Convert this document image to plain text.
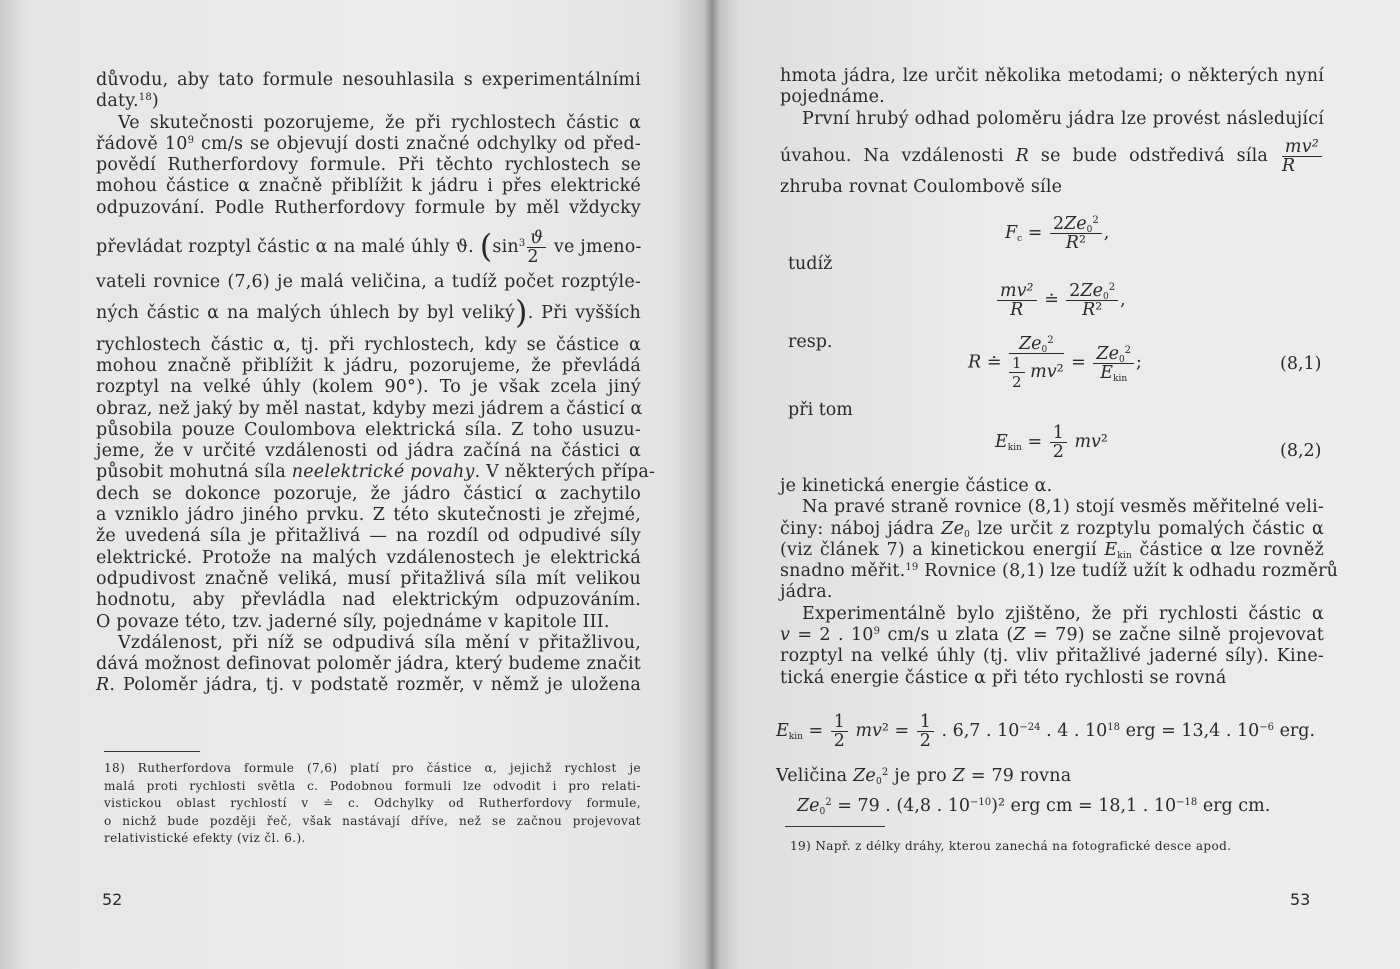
důvodu, aby tato formule nesouhlasila s experimentálními
daty.$^{18}$)
Ve skutečnosti pozorujeme, že při rychlostech částic α
řádově $10^9$ cm/s se objevují dosti značné odchylky od před-
povědí Rutherfordovy formule. Při těchto rychlostech se
mohou částice α značně přiblížit k jádru i přes elektrické
odpuzování. Podle Rutherfordovy formule by měl vždycky
převládat rozptyl částic α na malé úhly ϑ. ($\sin^3 \frac{ϑ}{2}$ ve jmeno-
vateli rovnice (7,6) je malá veličina, a tudíž počet rozptýle-
ných částic α na malých úhlech by byl veliký). Při vyšších
rychlostech částic α, tj. při rychlostech, kdy se částice α
mohou značně přiblížit k jádru, pozorujeme, že převládá
rozptyl na velké úhly (kolem 90°). To je však zcela jiný
obraz, než jaký by měl nastat, kdyby mezi jádrem a částicí α
působila pouze Coulombova elektrická síla. Z toho usuzu-
jeme, že v určité vzdálenosti od jádra začíná na částici α
působit mohutná síla neelektrické povahy. V některých přípa-
dech se dokonce pozoruje, že jádro částicí α zachytilo
a vzniklo jádro jiného prvku. Z této skutečnosti je zřejmé,
že uvedená síla je přitažlivá — na rozdíl od odpudivé síly
elektrické. Protože na malých vzdálenostech je elektrická
odpudivost značně veliká, musí přitažlivá síla mít velikou
hodnotu, aby převládla nad elektrickým odpuzováním.
O povaze této, tzv. jaderné síly, pojednáme v kapitole III.
Vzdálenost, při níž se odpudivá síla mění v přitažlivou,
dává možnost definovat poloměr jádra, který budeme značit
R. Poloměr jádra, tj. v podstatě rozměr, v němž je uložena

18) Rutherfordova formule (7,6) platí pro částice α, jejichž rychlost je
malá proti rychlosti světla c. Podobnou formuli lze odvodit i pro relati-
vistickou oblast rychlostí v ≐ c. Odchylky od Rutherfordovy formule,
o nichž bude později řeč, však nastávají dříve, než se začnou projevovat
relativistické efekty (viz čl. 6.).
52
hmota jádra, lze určit několika metodami; o některých nyní
pojednáme.
První hrubý odhad poloměru jádra lze provést následující
úvahou. Na vzdálenosti R se bude odstředivá síla $\frac{\text{mv²}}{R}$
zhruba rovnat Coulombově síle
$F_c = \frac{2Ze_0^2}{\text{R²}}$ ,
tudíž
$\frac{\text{mv²}}{R}$ ≐ $\frac{2Ze_0^2}{\text{R²}}$ ,
resp.
R ≐ $\frac{Ze_0^2}{\frac{1}{2} mv^2} = \frac{Ze_0^2}{E_{kin}}$ ;	(8,1)
při tom
$E_{kin} = \frac{1}{2} mv^2$	(8,2)
je kinetická energie částice α.
Na pravé straně rovnice (8,1) stojí vesměs měřitelné veli-
činy: náboj jádra $Ze_0$ lze určit z rozptylu pomalých částic α
(viz článek 7) a kinetickou energií $E_{kin}$ částice α lze rovněž
snadno měřit.$^{19}$ Rovnice (8,1) lze tudíž užít k odhadu rozměrů
jádra.
Experimentálně bylo zjištěno, že při rychlosti částic α
v = 2 . $10^9$ cm/s u zlata (Z = 79) se začne silně projevovat
rozptyl na velké úhly (tj. vliv přitažlivé jaderné síly). Kine-
tická energie částice α při této rychlosti se rovná
$E_{kin} = \frac{1}{2} mv^2 = \frac{1}{2}$ . 6,7 . $10^{-24}$ . 4 . $10^{18}$ erg = 13,4 . $10^{-6}$ erg.
Veličina $Ze_0^2$ je pro Z = 79 rovna
$Ze_0^2 = 79$ . (4,8 . $10^{-10})^2$ erg cm = 18,1 . $10^{-18}$ erg cm.
19) Např. z délky dráhy, kterou zanechá na fotografické desce apod.
53
